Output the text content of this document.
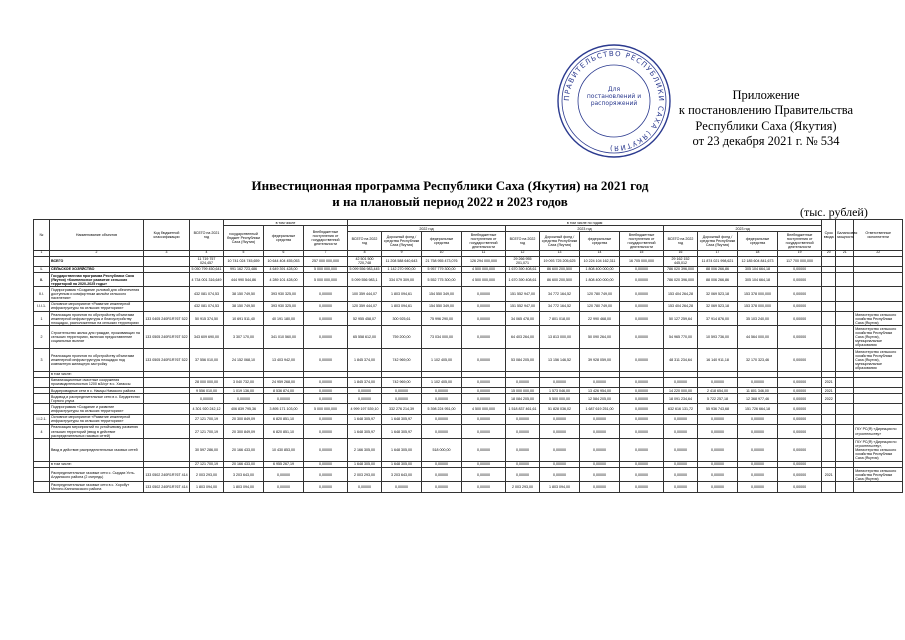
ПРАВИТЕЛЬСТВО РЕСПУБЛИКИ САХА (ЯКУТИЯ)
Для постановлений и распоряжений
Приложение
к постановлению Правительства
Республики Саха (Якутия)
от 23 декабря 2021 г. № 534
Инвестиционная программа Республики Саха (Якутия) на 2021 год
и на плановый период 2022 и 2023 годов
(тыс. рублей)
№	Наименование объектов	Код бюджетной классификации	ВСЕГО на 2021 год	в том числе			в том числе по годам												Срок ввода	Балансовая мощность	Ответственные исполнители
				государственный бюджет Республики Саха (Якутия)	федеральные средства	Внебюджетные поступления от государственной деятельности	2022 год				2023 год				2023 год						
							ВСЕГО на 2022 год	Дорожный фонд / средства Республики Саха (Якутия)	федеральные средства	Внебюджетные поступления от государственной деятельности	ВСЕГО на 2022 год	Дорожный фонд / средства Республики Саха (Якутия)	федеральные средства	Внебюджетные поступления от государственной деятельности	ВСЕГО на 2022 год	Дорожный фонд / средства Республики Саха (Якутия)	федеральные средства	Внебюджетные поступления от государственной деятельности			
1	2	3	4	5	6	7	8	9	10	11	12	13	14	15	16	17	18	19	20	21	22
	ВСЕГО		11 719 757 024,457	10 741 024 745,659	10 644 404 455,053	257 000 000,000	42 501 500 720,748	11 208 588 640,643	21 758 955 473,076	126 294 000,000	29 266 955 201,071	19 093 725 205,625	10 224 104 162,311	16 705 000,000	29 162 152 445,012	11 874 021 998,621	12 185 604 841,673	117 700 000,000			
I.	СЕЛЬСКОЕ ХОЗЯЙСТВО		5 050 799 450,641	991 162 723,486	4 649 391 428,00	5 000 000,000	5 099 556 983,445	1 142 270 990,00	5 957 779 300,00	4 500 000,000	1 670 390 408,61	86 600 200,500	1 808 400 000,00	0,00000	786 020 396,000	88 006 266,86	305 104 664,18	0,00000			
II.	Государственная программа Республики Саха (Якутия) «Комплексное развитие сельских территорий на 2020-2025 годы»		4 734 001 316,649	444 990 544,86	4 289 101 428,00	5 000 000,000	5 099 556 983,1	334 079 309,00	5 552 775 300,00	4 500 000,000	1 670 390 408,61	86 600 200,500	1 808 400 000,00	0,00000	786 020 396,000	88 006 266,86	305 104 664,18	0,00000			
II.I.	Подпрограмма «Создание условий для обеспечения доступным и комфортным жильём сельского населения»		432 081 074,53	38 150 749,50	393 930 325,00	0,00000	100 359 444,07	1 803 094,61	154 550 349,00	0,00000	151 552 947,00	34 772 164,52	120 780 749,00	0,00000	153 404 264,28	32 069 523,18	153 378 000,000	0,00000			
I.I.I.1.	Основное мероприятие «Развитие инженерной инфраструктуры на сельских территориях»		432 081 074,53	38 150 749,50	393 930 325,00	0,00000	120 359 444,07	1 803 094,61	154 550 349,00	0,00000	151 552 947,00	34 772 164,52	120 780 749,00	0,00000	153 404 264,28	32 069 523,18	153 378 000,000	0,00000			
1	Реализация проектов по обустройству объектами инженерной инфраструктуры и благоустройству площадок, расположенных на сельских территориях	133 0405 240R1R76Т 522	50 915 374,50	10 691 511,40	40 191 180,00	0,00000	52 955 458,07	300 925,61	75 996 290,00	0,00000	34 065 478,00	7 801 018,00	22 990 468,00	0,00000	50 127 259,64	37 914 876,00	35 103 240,00	0,00000			Министерство сельского хозяйства Республики Саха (Якутия)
2	Строительство жилья для граждан, проживающих на сельских территориях, включая предоставление социальных выплат	133 0505 240R1R76Т 522	343 609 690,00	3 307 170,00	341 010 560,00	0,00000	65 558 612,00	759 200,00	73 034 000,00	0,00000	64 403 264,00	13 813 000,00	50 090 264,00	0,00000	54 965 770,00	10 593 736,00	44 564 000,00	0,00000			Министерство сельского хозяйства Республики Саха (Якутия), муниципальные образования
3	Реализация проектов по обустройству объектами инженерной инфраструктуры площадок под компактную жилищную застройку	133 0505 240R1R76Т 522	37 556 010,00	24 152 068,10	13 403 942,00	0,00000	1 845 374,00	742 969,00	1 102 405,00	0,00000	53 084 205,00	13 156 146,52	39 928 059,00	0,00000	48 311 234,64	16 140 911,18	32 170 323,46	0,00000			Министерство сельского хозяйства Республики Саха (Якутия), муниципальные образования
	в том числе:																				
	Канализационные очистные сооружения производительностью 1200 м3/сут в с. Хатассы		28 000 000,00	3 040 732,00	24 959 268,00	0,00000	1 845 374,00	742 969,00	1 102 405,00	0,00000	0,00000	0,00000	0,00000	0,00000	0,00000	0,00000	0,00000	0,00000	2021		
	Водопроводные сети в с. Намцы Намского района		9 556 010,00	1 019 136,00	8 536 874,00	0,00000	0,00000	0,00000	0,00000	0,00000	15 000 000,00	1 573 046,00	13 426 954,00	0,00000	14 220 000,00	2 418 654,00	11 801 346,00	0,00000	2021		
	Водовод и распределительные сети в с. Бердигестях Горного улуса		0,00000	0,00000	0,00000	0,00000	0,00000	0,00000	0,00000	0,00000	18 084 205,00	5 500 000,00	12 584 205,00	0,00000	18 091 234,64	5 722 257,18	12 368 977,46	0,00000	2022		
	Подпрограмма «Создание и развитие инфраструктуры на сельских территориях»		4 301 920 242,12	406 839 795,36	3 895 171 103,00	5 000 000,000	4 999 197 539,10	332 276 214,39	5 398 224 951,00	4 500 000,000	1 518 837 461,61	51 828 036,02	1 687 619 251,00	0,00000	632 616 131,72	55 936 743,68	151 726 664,18	0,00000			
I.I.2.1.	Основное мероприятие «Развитие инженерной инфраструктуры на сельских территориях»		27 121 700,19	20 300 849,09	6 820 851,10	0,00000	1 648 305,97	1 648 305,97	0,00000	0,00000	0,00000	0,00000	0,00000	0,00000	0,00000	0,00000	0,00000	0,00000			
4	Реализация мероприятий по устойчивому развитию сельских территорий (ввод в действие распределительных газовых сетей)		27 121 700,19	20 300 849,09	6 820 851,10	0,00000	1 648 305,97	1 648 305,97	0,00000	0,00000	0,00000	0,00000	0,00000	0,00000	0,00000	0,00000	0,00000	0,00000			ГКУ РС(Я) «Дирекция по строительству»
	Ввод в действие распределительных газовых сетей		30 597 286,00	20 166 433,00	10 430 853,00	0,00000	2 166 305,00	1 648 305,00	518 000,00	0,00000	0,00000	0,00000	0,00000	0,00000	0,00000	0,00000	0,00000	0,00000			ГКУ РС(Я) «Дирекция по строительству», Министерство сельского хозяйства Республики Саха (Якутия)
	в том числе:		27 121 700,19	20 166 433,00	6 955 267,19	0,00000	1 648 305,00	1 648 305,00	0,00000	0,00000	0,00000	0,00000	0,00000	0,00000	0,00000	0,00000	0,00000	0,00000			
	Распределительные газовые сети с. Сырдах Усть-Алданского района (2 очередь)	133 0502 240R1R76Т 414	2 003 293,00	3 203 643,00	0,00000	0,00000	2 003 293,00	3 203 643,00	0,00000	0,00000	0,00000	0,00000	0,00000	0,00000	0,00000	0,00000	0,00000	0,00000	2021		Министерство сельского хозяйства Республики Саха (Якутия)
	Распределительные газовые сети в с. Хоробут Мегино-Кангаласского района	133 0502 240R1R76Т 414	1 803 094,00	1 803 094,00	0,00000	0,00000	0,00000	0,00000	0,00000	0,00000	2 003 293,00	1 803 094,00	0,00000	0,00000	0,00000	0,00000	0,00000	0,00000			
